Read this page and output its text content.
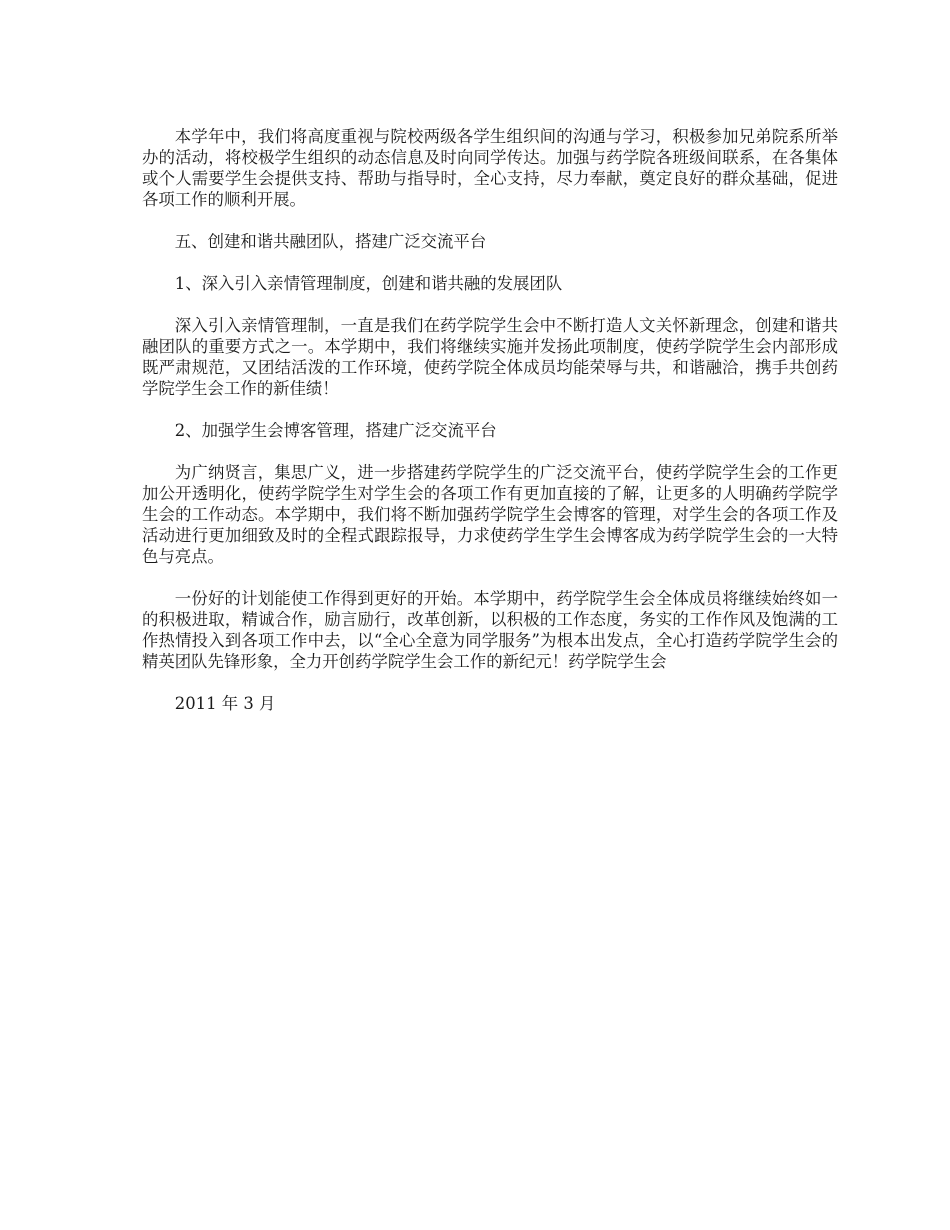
本学年中，我们将高度重视与院校两级各学生组织间的沟通与学习，积极参加兄弟院系所举办的活动，将校极学生组织的动态信息及时向同学传达。加强与药学院各班级间联系，在各集体或个人需要学生会提供支持、帮助与指导时，全心支持，尽力奉献，奠定良好的群众基础，促进各项工作的顺利开展。

五、创建和谐共融团队，搭建广泛交流平台

1、深入引入亲情管理制度，创建和谐共融的发展团队

深入引入亲情管理制，一直是我们在药学院学生会中不断打造人文关怀新理念，创建和谐共融团队的重要方式之一。本学期中，我们将继续实施并发扬此项制度，使药学院学生会内部形成既严肃规范，又团结活泼的工作环境，使药学院全体成员均能荣辱与共，和谐融洽，携手共创药学院学生会工作的新佳绩！

2、加强学生会博客管理，搭建广泛交流平台

为广纳贤言，集思广义，进一步搭建药学院学生的广泛交流平台，使药学院学生会的工作更加公开透明化，使药学院学生对学生会的各项工作有更加直接的了解，让更多的人明确药学院学生会的工作动态。本学期中，我们将不断加强药学院学生会博客的管理，对学生会的各项工作及活动进行更加细致及时的全程式跟踪报导，力求使药学生学生会博客成为药学院学生会的一大特色与亮点。

一份好的计划能使工作得到更好的开始。本学期中，药学院学生会全体成员将继续始终如一的积极进取，精诚合作，励言励行，改革创新，以积极的工作态度，务实的工作作风及饱满的工作热情投入到各项工作中去，以“全心全意为同学服务”为根本出发点，全心打造药学院学生会的精英团队先锋形象，全力开创药学院学生会工作的新纪元！药学院学生会

2011 年 3 月
